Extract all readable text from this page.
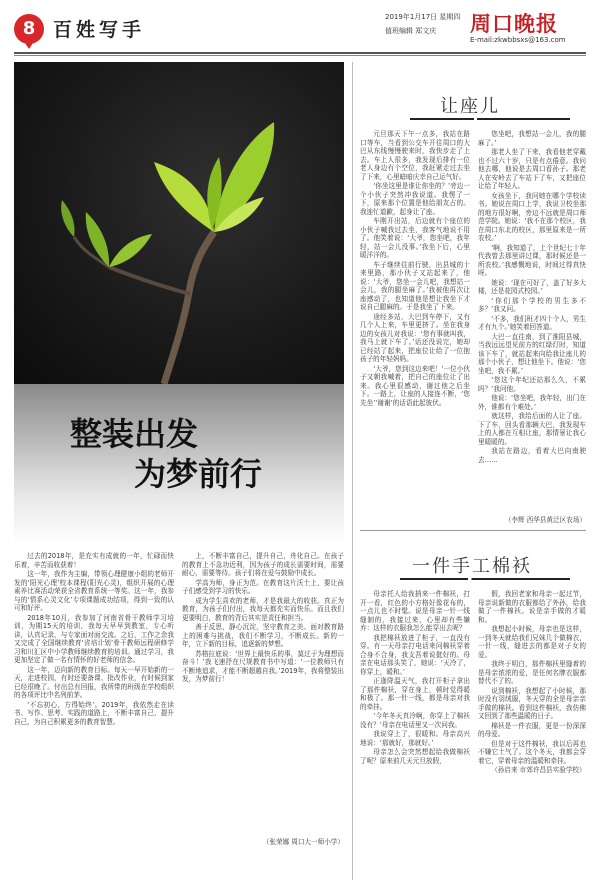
8 百姓写手
2019年1月17日 星期四
值班编辑 郑文庆 周口晚报
E-mail:zkwbbsxs@163.com
整装出发
为梦前行

过去的2018年，是充实有成就的一年，忙碌而快乐着，辛苦而收获着！

这一年，我作为主编，带领心理健康小组的老师开发的‘阳光心理’校本课程(阳光心灵)，组织开展的心理素养比赛活动荣获全省教育系统一等奖。这一年，我参与的‘情系心灵文化’专项课题成功结项，得到一致的认可和好评。

2018年10月，我参加了河南省骨干教师学习培训，为期15天的培训，我每天早早到教室，专心听讲，认真记录，与专家面对面交流。之后，工作之余我又完成了全国继续教育‘省培计划’骨干教师远程研修学习和川汇区中小学教师继续教育的培训。通过学习，我更加坚定了做一名有情怀的好老师的信念。

这一年，迈向新的教育目标。每天一早开始新的一天，走进校园，有时还要备课、批改作业，有时候到家已经很晚了。付出总有回报，我所带的班级在学校组织的各项评比中名列前茅。

‘不忘初心，方得始终’。2019年，我依然走在读书、写作、思考、实践的道路上，不断丰富自己，提升自己，为自己积累更多的教育智慧。

上，不断丰富自己，提升自己，舟化自己。在孩子的教育上不急功近利，因为孩子的成长需要时间，需要耐心，需要等待。孩子们将在爱与鼓励中成长。

学高为师，身正为范。在教育这片沃土上，要让孩子们感受到学习的快乐。

成为学生喜欢的老师，才是我最大的收获。真正为教育，为孩子们付出，我每天都充实而快乐。而且我们更要明白，教育的背后其实是责任和担当。

善于反思，静心沉淀，坚守教育之美。面对教育路上的困难与挑战，我们不断学习，不断成长。新的一年，立下新的目标，追逐新的梦想。

苏格拉底说：‘世界上最快乐的事，莫过于为理想而奋斗！’我飞速抒在尺规教育书中写道：‘一位教师只有不断地追求，才能不断超越自我。’2019年，我将整装出发，为梦前行！

（张荣娜 周口大一师小学）
让座儿

元旦那天下午一点多，我站在路口等车，当看到公交车开往周口的大巴从东线慢慢驶来时，我快步走了上去。车上人很多，我发现后排有一位老人身边有个空位，我赶紧走过去坐了下来，心里暗暗庆幸自己运气好。

‘你坐这里是谁让你坐的？’旁边一个小伙子突然冲我说道。我愣了一下，原来那个位置是他给朋友占的。我连忙道歉，起身让了座。

车刚开出站，后边就有个座位的小伙子喊我过去坐，我客气地说不用了。他笑着说：‘大爷，您坐吧，我年轻，站一会儿没事。’我坐下后，心里暖洋洋的。

车子继续往前行驶，出县城的十来里路，那小伙子又站起来了，他说：‘大爷，您坐一会儿吧，我想站一会儿，我的腿坐麻了。’我被他再次让座感动了，也知道他是想让我坐下才说自己腿麻的。于是我坐了下来。

途经多站，大巴到车停下，又有几个人上来，车里更挤了。坐在我身边的女孩儿对我说：‘您有事就叫我，我马上就下车了。’话还没说完，她却已经站了起来，把座位让给了一位抱孩子的年轻妈妈。

‘大爷，您到这边来吧！’一位小伙子又朝我喊着，把自己的座位让了出来。我心里很感动，谢过他之后坐下。一路上，让座的人接连不断，‘您先坐’‘谢谢’的话语此起彼伏。

您坐吧，我想站一会儿，我的腿麻了。’

那老人坐了下来，我看他老穿戴也不过六十岁，只是有点倦意。我问他去哪，他说是去周口看孙子。那老人在安岭去了车站下了车，又把座位让给了年轻人。

女孩坐下，我问她在哪个学校读书。她说在周口上学，我说卫校坐那的地方很好啊，旁边不远就是周口师范学院。她说：‘我不在那个校区，我在周口东北的校区，那里原来是一所农校。’

‘啊，我知道了，上个世纪七十年代我曾去那里讲过课，那时候还是一所农校。’我感慨地说，时间过得真快呀。

她说：‘现在可好了，盖了好多大楼，还是花园式校园。’

‘你们那个学校的男生多不多？’我又问。

‘不多，我们班才四十个人，男生才有九个。’她笑着回答道。

大巴一直往南，到了淮阳县城，当我远远望见前方的红绿灯时，知道该下车了，就站起来向给我让座儿的那个小伙子，想让他坐下。他说：‘您坐吧，我不累。’

‘您这个年纪还站那么久，不累吗？’我问他。

他说：‘您坐吧，我年轻，出门在外，谁都有个难处。’

就这样，我给后面的人让了座。下了车，回头看那辆大巴，我发现车上的人都在互相让座，那情景让我心里暖暖的。

我站在路边，看着大巴向南驶去……

（李辉 西华县黄泛区农场）
一件手工棉袄

母亲托人给我捎来一件棉袄，打开一看，红色的小方格好像花布的，一点儿也不时髦。说是母亲一针一线缝制的，我接过来，心里却有些嫌弃：这样的衣服我怎么能穿出去呢？

我把棉袄放进了柜子，一直没有穿。有一天母亲打电话来问棉袄穿着合身不合身，我支吾着说挺好的。母亲在电话那头笑了，她说：‘天冷了，你穿上，暖和。’

正逢降温天气，我打开柜子拿出了那件棉袄，穿在身上，顿时觉得暖和极了。那一针一线，都是母亲对我的牵挂。

‘今年冬天真冷啊，你穿上了棉袄没有？’母亲在电话里又一次问我。

我说穿上了，很暖和。母亲高兴地说：‘那就好，那就好。’

母亲怎么会突然想起给我做棉袄了呢？原来前几天元旦放假，

假，我回老家和母亲一起过节，母亲说新做的衣服都给了外孙，给我做了一件棉袄。说是亲手做的才暖和。

我想起小时候，母亲也是这样，一到冬天就给我们兄妹几个做棉衣，一针一线，缝进去的都是对子女的爱。

我终于明白，那件棉袄里缝着的是母亲浓浓的爱，是任何名牌衣服都替代不了的。

说到棉袄，我想起了小时候，那时没有羽绒服，冬天穿的全是母亲亲手做的棉袄。看到这件棉袄，我仿佛又回到了那些温暖的日子。

棉袄是一件衣服，更是一份深深的母爱。

但是对于这件棉袄，我以后再也不嫌它土气了。这个冬天，我都会穿着它，穿着母亲的温暖和牵挂。

（孙启来 市郊许昌县实验学校）
